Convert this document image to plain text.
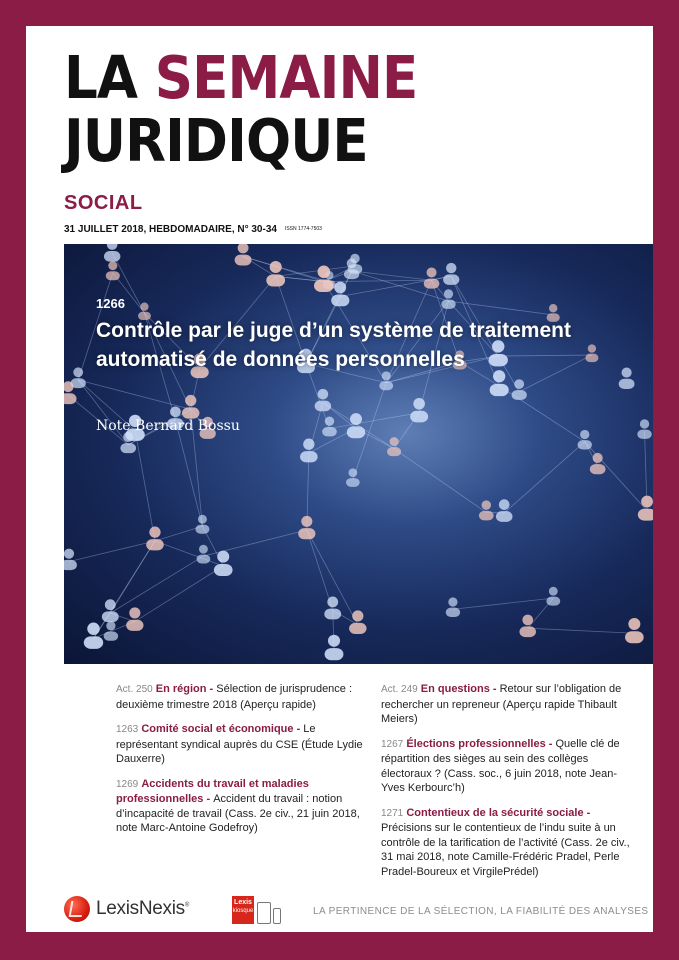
LA SEMAINE
JURIDIQUE
SOCIAL
31 JUILLET 2018, HEBDOMADAIRE, N° 30-34 ISSN 1774-7503
1266
Contrôle par le juge d’un système de traitement automatisé de données personnelles
Note Bernard Bossu
Act. 250 En région - Sélection de jurisprudence : deuxième trimestre 2018 (Aperçu rapide)
1263 Comité social et économique - Le représentant syndical auprès du CSE (Étude Lydie Dauxerre)
1269 Accidents du travail et maladies professionnelles - Accident du travail : notion d’incapacité de travail (Cass. 2e civ., 21 juin 2018, note Marc-Antoine Godefroy)
Act. 249 En questions - Retour sur l’obligation de rechercher un repreneur (Aperçu rapide Thibault Meiers)
1267 Élections professionnelles - Quelle clé de répartition des sièges au sein des collèges électoraux ? (Cass. soc., 6 juin 2018, note Jean-Yves Kerbourc’h)
1271 Contentieux de la sécurité sociale - Précisions sur le contentieux de l’indu suite à un contrôle de la tarification de l’activité (Cass. 2e civ., 31 mai 2018, note Camille-Frédéric Pradel, Perle Pradel-Boureux et VirgilePrédel)
LexisNexis®	Lexis
kiosque	LA PERTINENCE DE LA SÉLECTION, LA FIABILITÉ DES ANALYSES
